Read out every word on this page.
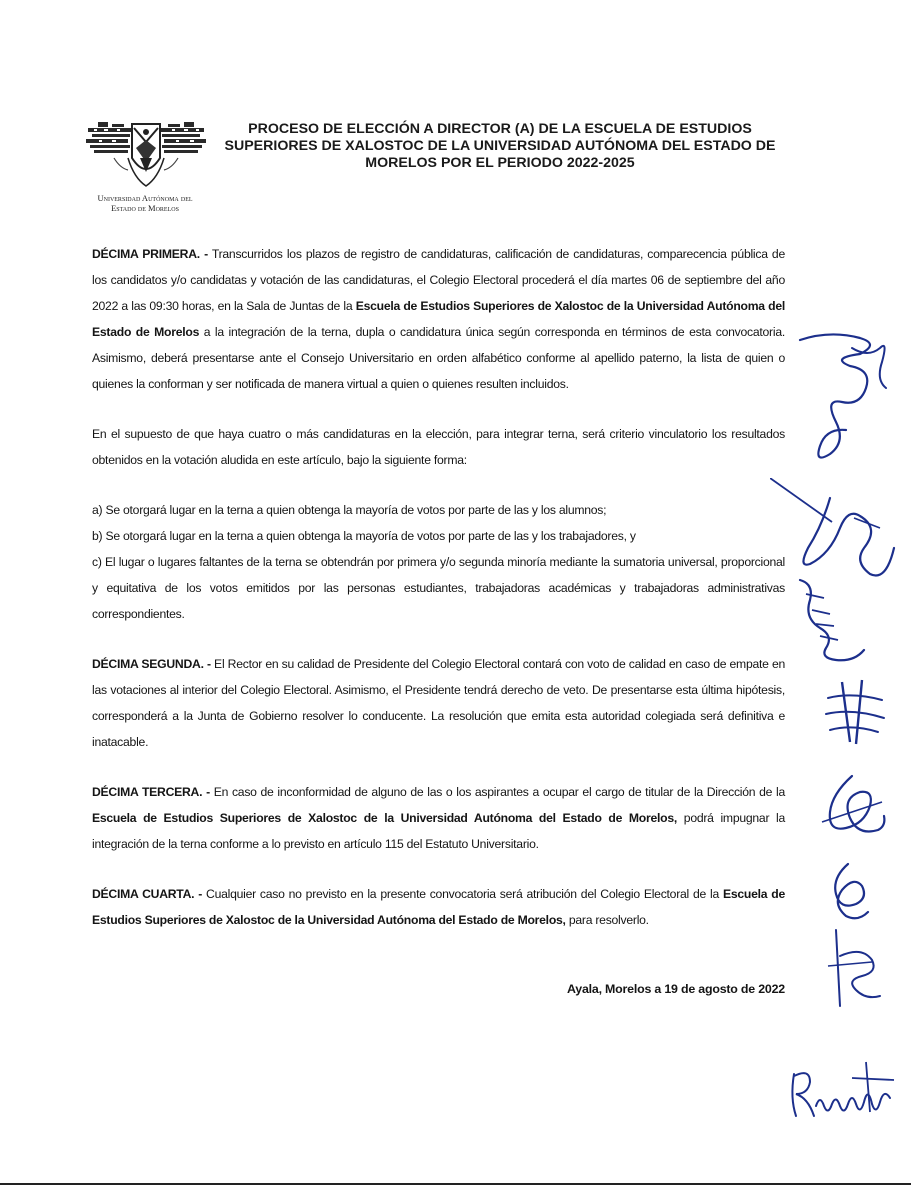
Universidad Autónoma del
Estado de Morelos
PROCESO DE ELECCIÓN A DIRECTOR (A) DE LA ESCUELA DE ESTUDIOS SUPERIORES DE XALOSTOC DE LA UNIVERSIDAD AUTÓNOMA DEL ESTADO DE MORELOS POR EL PERIODO 2022-2025

DÉCIMA PRIMERA. - Transcurridos los plazos de registro de candidaturas, calificación de candidaturas, comparecencia pública de los candidatos y/o candidatas y votación de las candidaturas, el Colegio Electoral procederá el día martes 06 de septiembre del año 2022 a las 09:30 horas, en la Sala de Juntas de la Escuela de Estudios Superiores de Xalostoc de la Universidad Autónoma del Estado de Morelos a la integración de la terna, dupla o candidatura única según corresponda en términos de esta convocatoria. Asimismo, deberá presentarse ante el Consejo Universitario en orden alfabético conforme al apellido paterno, la lista de quien o quienes la conforman y ser notificada de manera virtual a quien o quienes resulten incluidos.

En el supuesto de que haya cuatro o más candidaturas en la elección, para integrar terna, será criterio vinculatorio los resultados obtenidos en la votación aludida en este artículo, bajo la siguiente forma:

a) Se otorgará lugar en la terna a quien obtenga la mayoría de votos por parte de las y los alumnos;

b) Se otorgará lugar en la terna a quien obtenga la mayoría de votos por parte de las y los trabajadores, y

c) El lugar o lugares faltantes de la terna se obtendrán por primera y/o segunda minoría mediante la sumatoria universal, proporcional y equitativa de los votos emitidos por las personas estudiantes, trabajadoras académicas y trabajadoras administrativas correspondientes.

DÉCIMA SEGUNDA. - El Rector en su calidad de Presidente del Colegio Electoral contará con voto de calidad en caso de empate en las votaciones al interior del Colegio Electoral. Asimismo, el Presidente tendrá derecho de veto. De presentarse esta última hipótesis, corresponderá a la Junta de Gobierno resolver lo conducente. La resolución que emita esta autoridad colegiada será definitiva e inatacable.

DÉCIMA TERCERA. - En caso de inconformidad de alguno de las o los aspirantes a ocupar el cargo de titular de la Dirección de la Escuela de Estudios Superiores de Xalostoc de la Universidad Autónoma del Estado de Morelos, podrá impugnar la integración de la terna conforme a lo previsto en artículo 115 del Estatuto Universitario.

DÉCIMA CUARTA. - Cualquier caso no previsto en la presente convocatoria será atribución del Colegio Electoral de la Escuela de Estudios Superiores de Xalostoc de la Universidad Autónoma del Estado de Morelos, para resolverlo.

Ayala, Morelos a 19 de agosto de 2022
